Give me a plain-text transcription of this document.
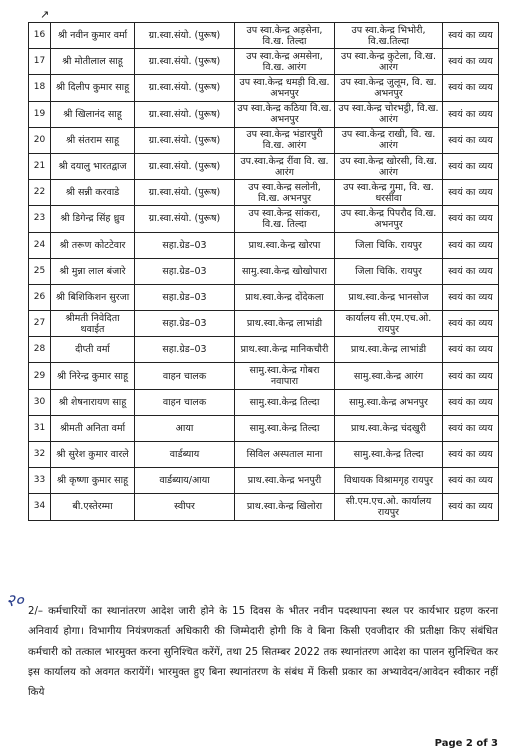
↗
16	श्री नवीन कुमार वर्मा	ग्रा.स्वा.संयो. (पुरूष)	उप स्वा.केन्द्र अड़सेना, वि.ख. तिल्दा	उप स्वा.केन्द्र भिभोरी, वि.ख.तिल्दा	स्वयं का व्यय
17	श्री मोतीलाल साहू	ग्रा.स्वा.संयो. (पुरूष)	उप स्वा.केन्द्र अमसेना, वि.ख. आरंग	उप स्वा.केन्द्र कुटेला, वि.ख. आरंग	स्वयं का व्यय
18	श्री दिलीप कुमार साहू	ग्रा.स्वा.संयो. (पुरूष)	उप स्वा.केन्द्र धमड़ी वि.ख. अभनपुर	उप स्वा.केन्द्र जुलूम, वि. ख. अभनपुर	स्वयं का व्यय
19	श्री खिलानंद साहू	ग्रा.स्वा.संयो. (पुरूष)	उप स्वा.केन्द्र कठिया वि.ख. अभनपुर	उप स्वा.केन्द्र चोरभट्ठी, वि.ख. आरंग	स्वयं का व्यय
20	श्री संतराम साहू	ग्रा.स्वा.संयो. (पुरूष)	उप स्वा.केन्द्र भंडारपुरी वि.ख. आरंग	उप स्वा.केन्द्र राखी, वि. ख. आरंग	स्वयं का व्यय
21	श्री दयालु भारतद्वाज	ग्रा.स्वा.संयो. (पुरूष)	उप.स्वा.केन्द्र रींवा वि. ख. आरंग	उप स्वा.केन्द्र खोरसी, वि.ख. आरंग	स्वयं का व्यय
22	श्री सन्नी करवाडे	ग्रा.स्वा.संयो. (पुरूष)	उप स्वा.केन्द्र सलोनी, वि.ख. अभनपुर	उप स्वा.केन्द्र गुमा, वि. ख. धरसींवा	स्वयं का व्यय
23	श्री डिगेन्द्र सिंह ध्रुव	ग्रा.स्वा.संयो. (पुरूष)	उप स्वा.केन्द्र सांकरा, वि.ख. तिल्दा	उप स्वा.केन्द्र पिपरौद वि.ख. अभनपुर	स्वयं का व्यय
24	श्री तरूण कोटटेवार	सहा.ग्रेड–03	प्राथ.स्वा.केन्द्र खोरपा	जिला चिकि. रायपुर	स्वयं का व्यय
25	श्री मुन्ना लाल बंजारे	सहा.ग्रेड–03	सामु.स्वा.केन्द्र खोखोपारा	जिला चिकि. रायपुर	स्वयं का व्यय
26	श्री बिशिकिशन सुरजा	सहा.ग्रेड–03	प्राथ.स्वा.केन्द्र दोंदेकला	प्राथ.स्वा.केन्द्र भानसोज	स्वयं का व्यय
27	श्रीमती निवेदिता थवाईत	सहा.ग्रेड–03	प्राथ.स्वा.केन्द्र लाभांडी	कार्यालय सी.एम.एच.ओ. रायपुर	स्वयं का व्यय
28	दीप्ती वर्मा	सहा.ग्रेड–03	प्राथ.स्वा.केन्द्र मानिकचौरी	प्राथ.स्वा.केन्द्र लाभांडी	स्वयं का व्यय
29	श्री निरेन्द्र कुमार साहू	वाहन चालक	सामु.स्वा.केन्द्र गोबरा नवापारा	सामु.स्वा.केन्द्र आरंग	स्वयं का व्यय
30	श्री शेषनारायण साहू	वाहन चालक	सामु.स्वा.केन्द्र तिल्दा	सामु.स्वा.केन्द्र अभनपुर	स्वयं का व्यय
31	श्रीमती अनिता वर्मा	आया	सामु.स्वा.केन्द्र तिल्दा	प्राथ.स्वा.केन्द्र चंदखुरी	स्वयं का व्यय
32	श्री सुरेश कुमार वारले	वार्डब्याय	सिविल अस्पताल माना	सामु.स्वा.केन्द्र तिल्दा	स्वयं का व्यय
33	श्री कृष्णा कुमार साहू	वार्डब्याय/आया	प्राथ.स्वा.केन्द्र भनपुरी	विधायक विश्रामगृह रायपुर	स्वयं का व्यय
34	बी.एस्तेरम्मा	स्वीपर	प्राथ.स्वा.केन्द्र खिलोरा	सी.एम.एच.ओ. कार्यालय रायपुर	स्वयं का व्यय
२०

2/– कर्मचारियों का स्थानांतरण आदेश जारी होने के 15 दिवस के भीतर नवीन पदस्थापना स्थल पर कार्यभार ग्रहण करना अनिवार्य होगा। विभागीय नियंत्रणकर्ता अधिकारी की जिम्मेदारी होगी कि वे बिना किसी एवजीदार की प्रतीक्षा किए संबंधित कर्मचारी को तत्काल भारमुक्त करना सुनिश्चित करेंगें, तथा 25 सितम्बर 2022 तक स्थानांतरण आदेश का पालन सुनिश्चित कर इस कार्यालय को अवगत करायेंगें। भारमुक्त हुए बिना स्थानांतरण के संबंध में किसी प्रकार का अभ्यावेदन/आवेदन स्वीकार नहीं किये

Page 2 of 3
